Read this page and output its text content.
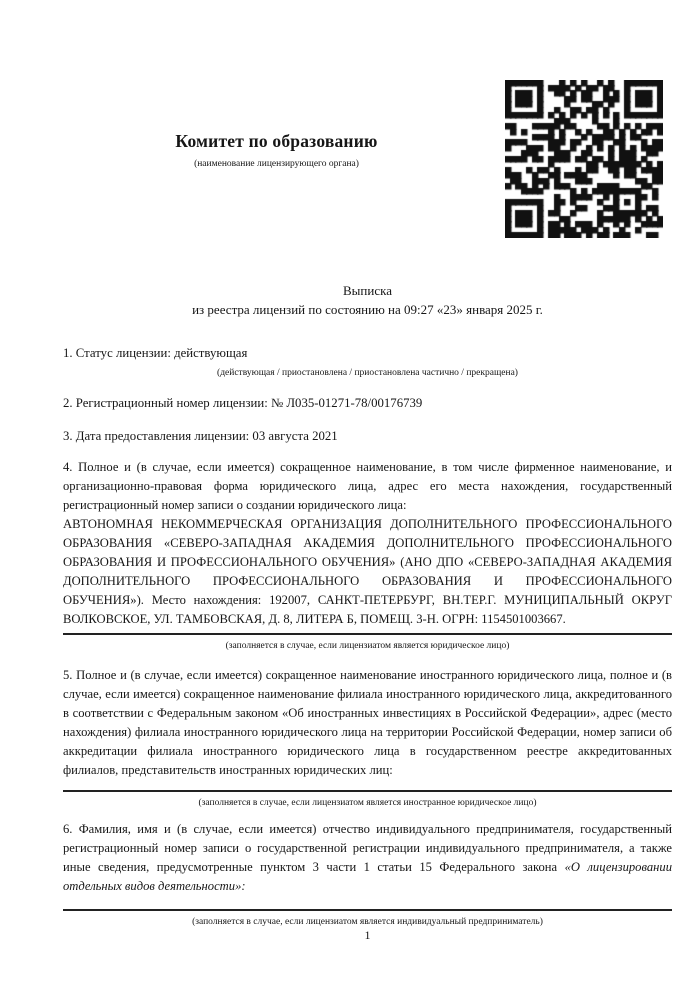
Комитет по образованию
(наименование лицензирующего органа)
Выписка
из реестра лицензий по состоянию на 09:27 «23» января 2025 г.

1. Статус лицензии: действующая

(действующая / приостановлена / приостановлена частично / прекращена)

2. Регистрационный номер лицензии: № Л035-01271-78/00176739

3. Дата предоставления лицензии: 03 августа 2021

4. Полное и (в случае, если имеется) сокращенное наименование, в том числе фирменное наименование, и организационно-правовая форма юридического лица, адрес его места нахождения, государственный регистрационный номер записи о создании юридического лица:

АВТОНОМНАЯ НЕКОММЕРЧЕСКАЯ ОРГАНИЗАЦИЯ ДОПОЛНИТЕЛЬНОГО ПРОФЕССИОНАЛЬНОГО ОБРАЗОВАНИЯ «СЕВЕРО-ЗАПАДНАЯ АКАДЕМИЯ ДОПОЛНИТЕЛЬНОГО ПРОФЕССИОНАЛЬНОГО ОБРАЗОВАНИЯ И ПРОФЕССИОНАЛЬНОГО ОБУЧЕНИЯ» (АНО ДПО «СЕВЕРО-ЗАПАДНАЯ АКАДЕМИЯ ДОПОЛНИТЕЛЬНОГО ПРОФЕССИОНАЛЬНОГО ОБРАЗОВАНИЯ И ПРОФЕССИОНАЛЬНОГО ОБУЧЕНИЯ»). Место нахождения: 192007, САНКТ-ПЕТЕРБУРГ, ВН.ТЕР.Г. МУНИЦИПАЛЬНЫЙ ОКРУГ ВОЛКОВСКОЕ, УЛ. ТАМБОВСКАЯ, Д. 8, ЛИТЕРА Б, ПОМЕЩ. 3-Н. ОГРН: 1154501003667.

(заполняется в случае, если лицензиатом является юридическое лицо)

5. Полное и (в случае, если имеется) сокращенное наименование иностранного юридического лица, полное и (в случае, если имеется) сокращенное наименование филиала иностранного юридического лица, аккредитованного в соответствии с Федеральным законом «Об иностранных инвестициях в Российской Федерации», адрес (место нахождения) филиала иностранного юридического лица на территории Российской Федерации, номер записи об аккредитации филиала иностранного юридического лица в государственном реестре аккредитованных филиалов, представительств иностранных юридических лиц:

(заполняется в случае, если лицензиатом является иностранное юридическое лицо)

6. Фамилия, имя и (в случае, если имеется) отчество индивидуального предпринимателя, государственный регистрационный номер записи о государственной регистрации индивидуального предпринимателя, а также иные сведения, предусмотренные пунктом 3 части 1 статьи 15 Федерального закона «О лицензировании отдельных видов деятельности»:

(заполняется в случае, если лицензиатом является индивидуальный предприниматель)

1
